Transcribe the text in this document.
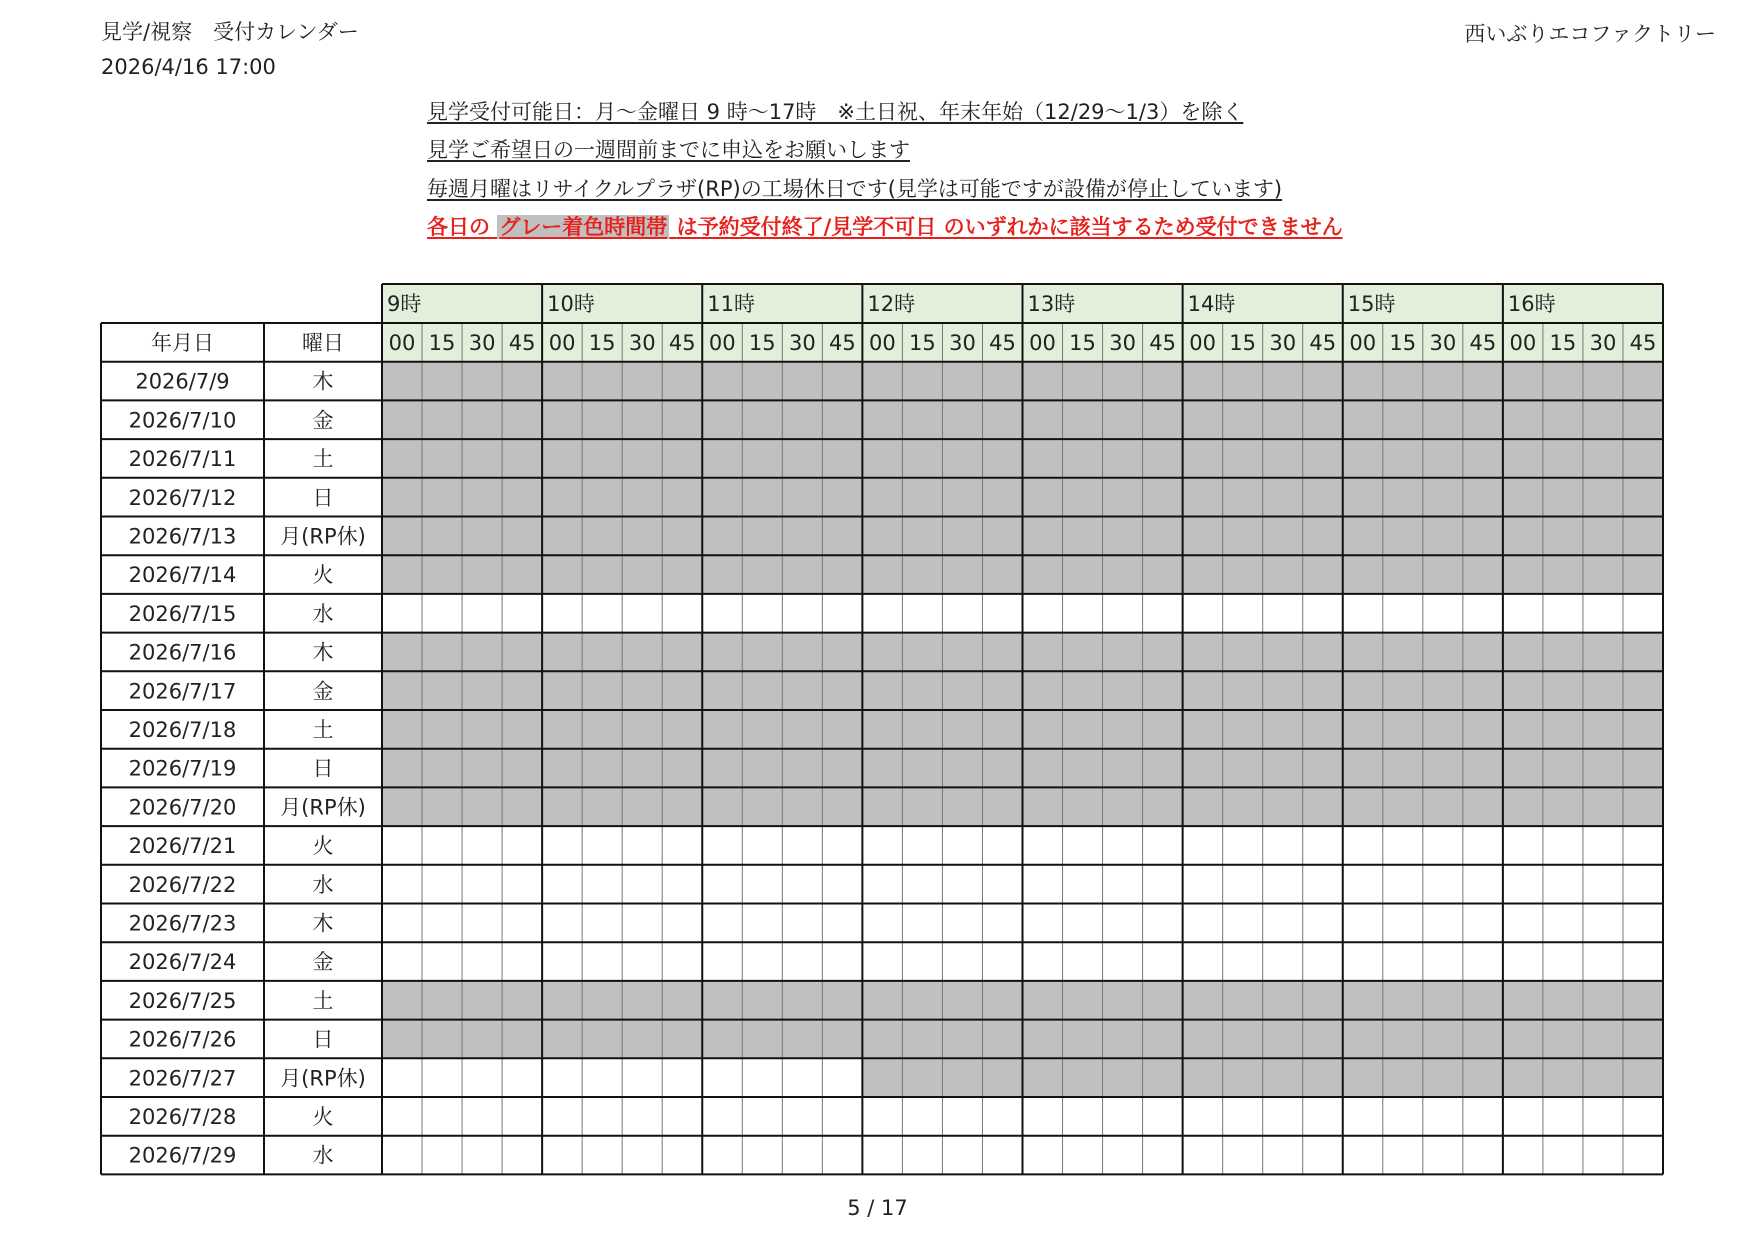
見学/視察　受付カレンダー
2026/4/16 17:00
西いぶりエコファクトリー
見学受付可能日：月～金曜日 9 時～17時　※土日祝、年末年始（12/29～1/3）を除く
見学ご希望日の一週間前までに申込をお願いします
毎週月曜はリサイクルプラザ(RP)の工場休日です(見学は可能ですが設備が停止しています)
各日の グレー着色時間帯 は予約受付終了/見学不可日 のいずれかに該当するため受付できません
9時	10時	11時	12時	13時	14時	15時	16時
00 15 30 45 00 15 30 45 00 15 30 45 00 15 30 45 00 15 30 45 00 15 30 45 00 15 30 45 00 15 30 45
年月日	曜日
2026/7/9	木
2026/7/10	金
2026/7/11	土
2026/7/12	日
2026/7/13 月(RP休)
2026/7/14	火
2026/7/15	水
2026/7/16	木
2026/7/17	金
2026/7/18	土
2026/7/19	日
2026/7/20 月(RP休)
2026/7/21	火
2026/7/22	水
2026/7/23	木
2026/7/24	金
2026/7/25	土
2026/7/26	日
2026/7/27 月(RP休)
2026/7/28	火
2026/7/29	水
5 / 17
